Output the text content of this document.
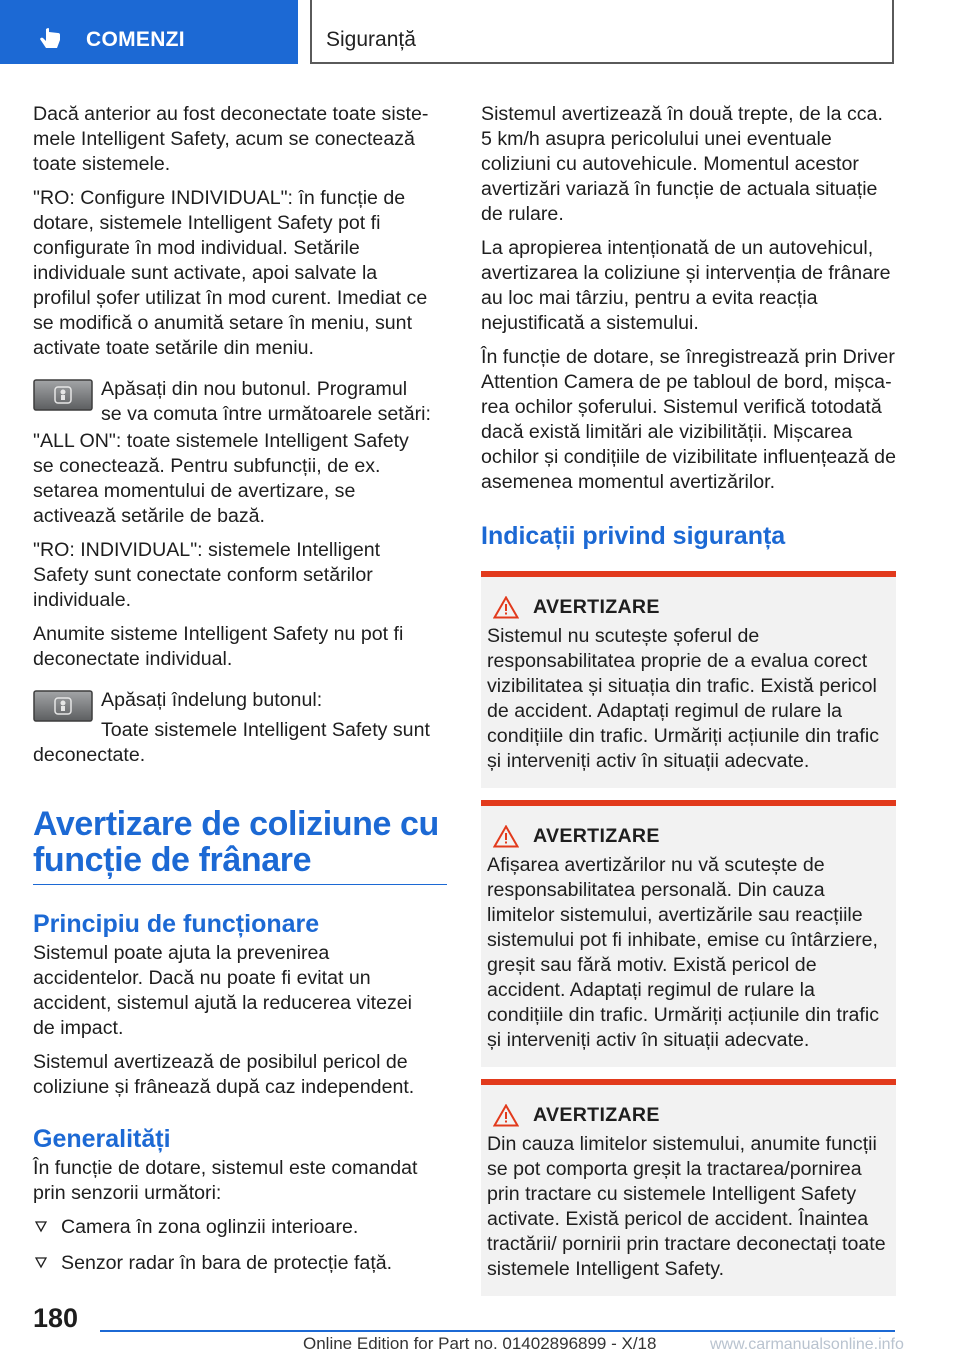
COMENZI	Siguranță

Dacă anterior au fost deconectate toate sistemele Intelligent Safety, acum se conectează toate sistemele.

"RO: Configure INDIVIDUAL": în funcție de dotare, sistemele Intelligent Safety pot fi configurate în mod individual. Setările individuale sunt activate, apoi salvate la profilul șofer utilizat în mod curent. Imediat ce se modifică o anumită setare în meniu, sunt activate toate setările din meniu.

Apăsați din nou butonul. Programul se va comuta între următoarele setări:

"ALL ON": toate sistemele Intelligent Safety se conectează. Pentru subfuncții, de ex. setarea momentului de avertizare, se activează setările de bază.

"RO: INDIVIDUAL": sistemele Intelligent Safety sunt conectate conform setărilor individuale.

Anumite sisteme Intelligent Safety nu pot fi deconectate individual.

Apăsați îndelung butonul:

Toate sistemele Intelligent Safety sunt deconectate.

Avertizare de coliziune cu funcție de frânare
Principiu de funcționare

Sistemul poate ajuta la prevenirea accidentelor. Dacă nu poate fi evitat un accident, sistemul ajută la reducerea vitezei de impact.

Sistemul avertizează de posibilul pericol de coliziune și frânează după caz independent.

Generalități

În funcție de dotare, sistemul este comandat prin senzorii următori:

Camera în zona oglinzii interioare.
Senzor radar în bara de protecție față.

Sistemul avertizează în două trepte, de la cca. 5 km/h asupra pericolului unei eventuale coliziuni cu autovehicule. Momentul acestor avertizări variază în funcție de actuala situație de rulare.

La apropierea intenționată de un autovehicul, avertizarea la coliziune și intervenția de frânare au loc mai târziu, pentru a evita reacția nejustificată a sistemului.

În funcție de dotare, se înregistrează prin Driver Attention Camera de pe tabloul de bord, mișcarea ochilor șoferului. Sistemul verifică totodată dacă există limitări ale vizibilității. Mișcarea ochilor și condițiile de vizibilitate influențează de asemenea momentul avertizărilor.

Indicații privind siguranța
AVERTIZARE
Sistemul nu scutește șoferul de responsabilitatea proprie de a evalua corect vizibilitatea și situația din trafic. Există pericol de accident. Adaptați regimul de rulare la condițiile din trafic. Urmăriți acțiunile din trafic și interveniți activ în situații adecvate.
AVERTIZARE
Afișarea avertizărilor nu vă scutește de responsabilitatea personală. Din cauza limitelor sistemului, avertizările sau reacțiile sistemului pot fi inhibate, emise cu întârziere, greșit sau fără motiv. Există pericol de accident. Adaptați regimul de rulare la condițiile din trafic. Urmăriți acțiunile din trafic și interveniți activ în situații adecvate.
AVERTIZARE
Din cauza limitelor sistemului, anumite funcții se pot comporta greșit la tractarea/pornirea prin tractare cu sistemele Intelligent Safety activate. Există pericol de accident. Înaintea tractării/ pornirii prin tractare deconectați toate sistemele Intelligent Safety.
180
Online Edition for Part no. 01402896899 - X/18	www.carmanualsonline.info
